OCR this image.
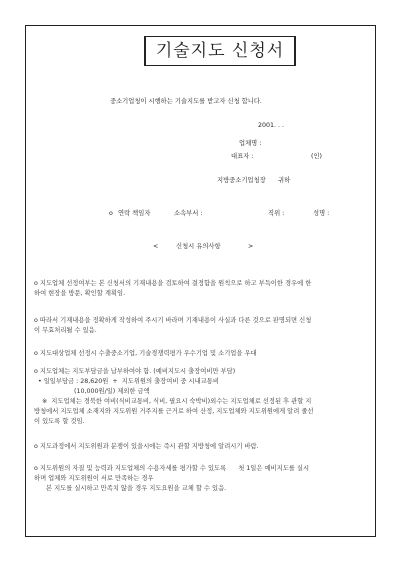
기술지도 신청서
중소기업청이 시행하는 기술지도를 받고자 신청 합니다.
2001. . .
업체명 :
대표자 :	(인)
지방중소기업청장 귀하
o 연락 책임자	소속부서 :	직위 :	성명 :
<	신청시 유의사항	>
o 지도업체 선정여부는 본 신청서의 기재내용을 검토하여 결정함을 원칙으로 하고 부득이한 경우에 한
하여 현장을 방문, 확인할 계획임.
o 따라서 기재내용을 정확하게 작성하여 주시기 바라며 기재내용이 사실과 다른 것으로 판명되면 신청
이 무효처리될 수 있음.
o 지도대상업체 선정시 수출중소기업, 기술경쟁력평가 우수기업 및 소기업을 우대
o 지도업체는 지도부담금을 납부하여야 함. (예비지도시 출장여비만 부담)
• 일일부담금 : 28,620원  +  지도위원의 출장여비 중 시내교통비
(10,000원/일) 제외한 금액
※  지도업체는 경북한 여비(식비교통비, 식비, 필요시 숙박비)외수는 지도업체로 선정된 후 관할 지
방청에서 지도업체 소재지와 지도위원 거주지를 근거로 하여 산정, 지도업체와 지도위원에게 알려 줄선
이 있도록 할 것임.
o 지도과정에서 지도위원과 분쟁이 있을시에는 즉시 관할 지방청에 알려시기 바람.
o 지도위원의 자질 및 능력과 지도업체의 수용자세를 평가할 수 있도록      첫 1일은 예비지도를 실시
하며 업체와 지도위원이 서로 만족하는 경우
본 지도를 실시하고 만족치 않을 경우 지도요원을 교체 할 수 있음.
